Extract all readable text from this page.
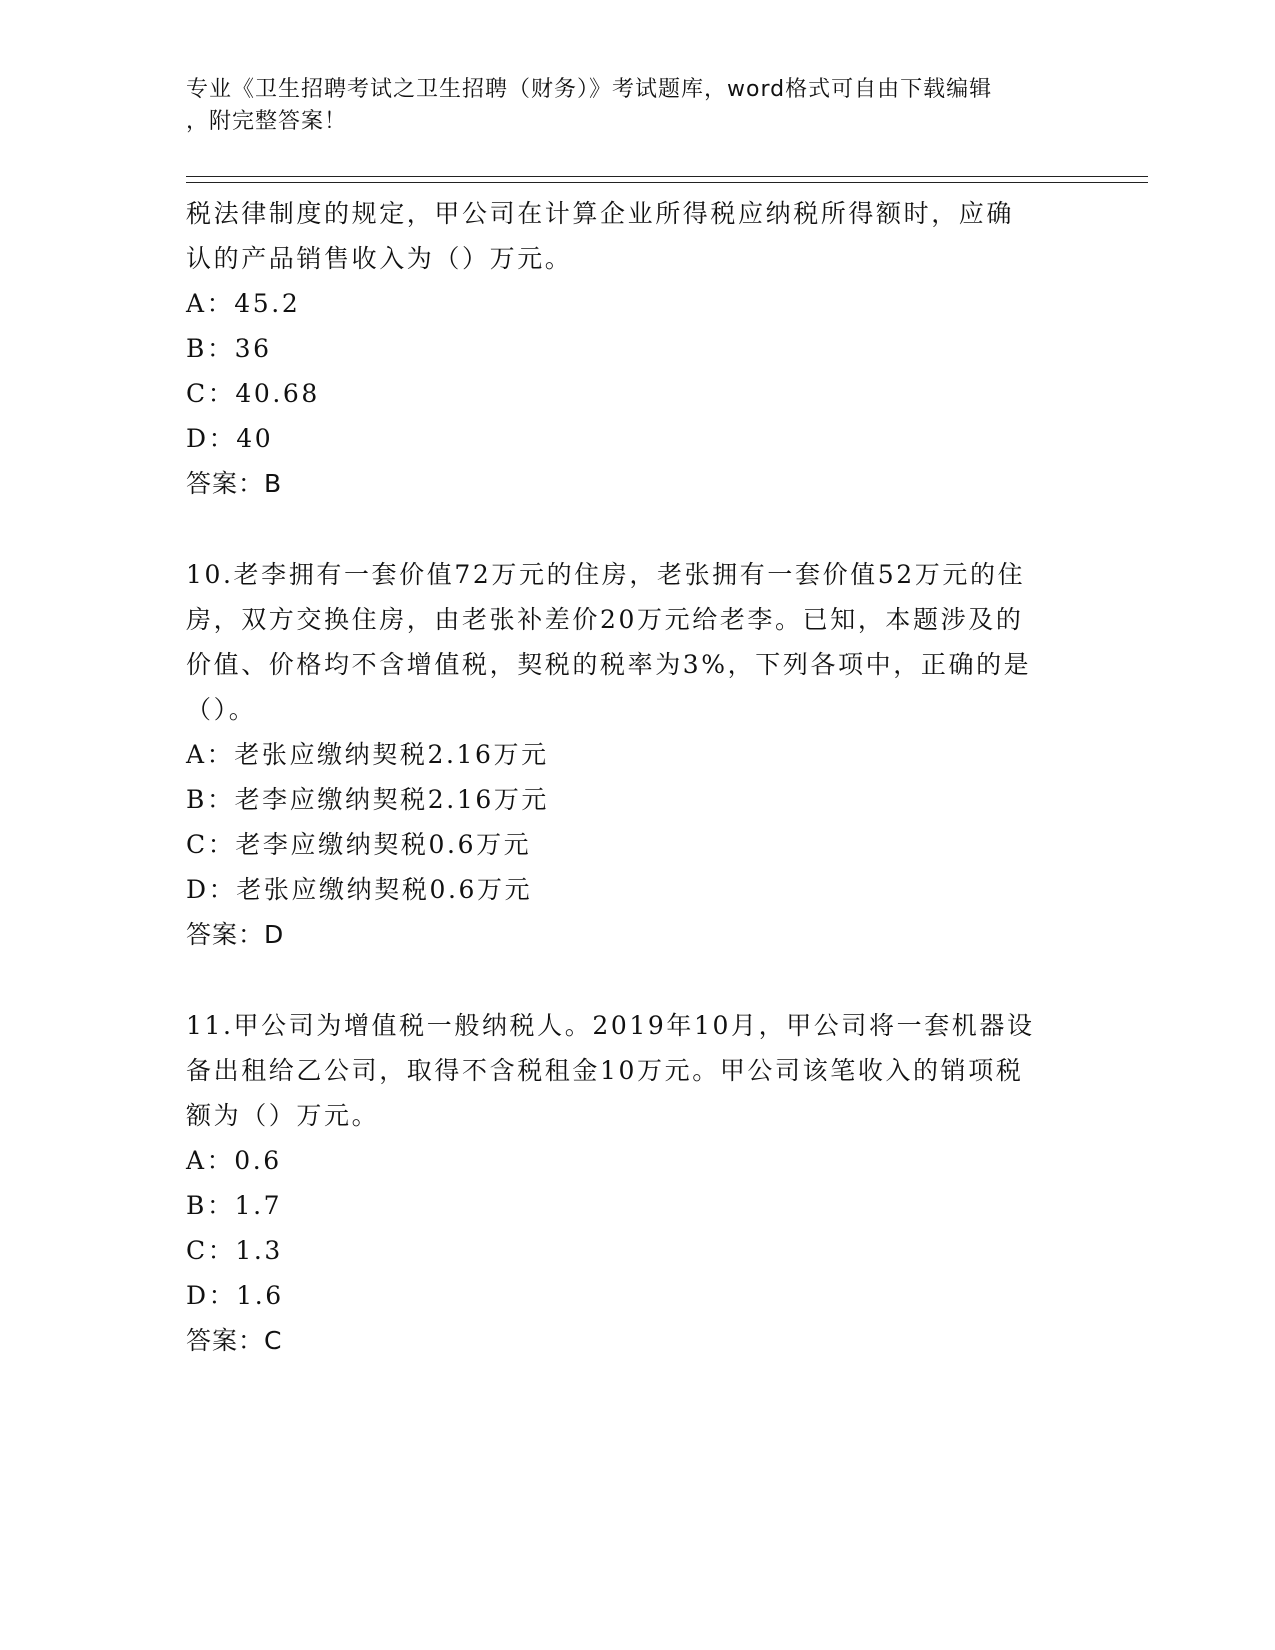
专业《卫生招聘考试之卫生招聘（财务）》考试题库，word格式可自由下载编辑
，附完整答案！

税法律制度的规定，甲公司在计算企业所得税应纳税所得额时，应确

认的产品销售收入为（）万元。

A：45.2

B：36

C：40.68

D：40

答案：B

10.老李拥有一套价值72万元的住房，老张拥有一套价值52万元的住

房，双方交换住房，由老张补差价20万元给老李。已知，本题涉及的

价值、价格均不含增值税，契税的税率为3%，下列各项中，正确的是

（）。

A：老张应缴纳契税2.16万元

B：老李应缴纳契税2.16万元

C：老李应缴纳契税0.6万元

D：老张应缴纳契税0.6万元

答案：D

11.甲公司为增值税一般纳税人。2019年10月，甲公司将一套机器设

备出租给乙公司，取得不含税租金10万元。甲公司该笔收入的销项税

额为（）万元。

A：0.6

B：1.7

C：1.3

D：1.6

答案：C
